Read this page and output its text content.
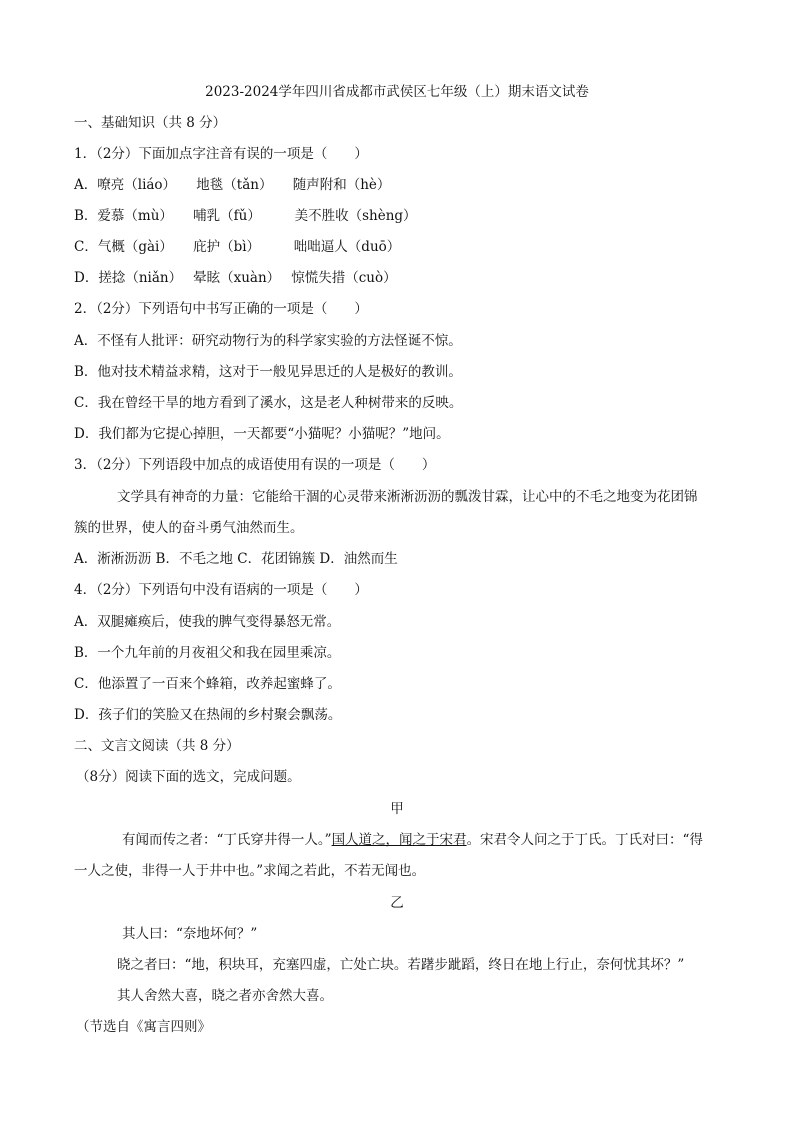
2023-2024学年四川省成都市武侯区七年级（上）期末语文试卷
一、基础知识（共 8 分）
1．（2分）下面加点字注音有误的一项是（　　）
A．嘹亮（liáo）　　地毯（tǎn）　　随声附和（hè）
B．爱慕（mù）　　哺乳（fǔ）　　　美不胜收（shèng）
C．气概（gài）　　庇护（bì）　　　咄咄逼人（duō）
D．搓捻（niǎn）　 晕眩（xuàn）　 惊慌失措（cuò）
2．（2分）下列语句中书写正确的一项是（　　）
A．不怪有人批评：研究动物行为的科学家实验的方法怪诞不惊。
B．他对技术精益求精，这对于一般见异思迁的人是极好的教训。
C．我在曾经干旱的地方看到了溪水，这是老人种树带来的反映。
D．我们都为它提心掉胆，一天都要“小猫呢？小猫呢？”地问。
3．（2分）下列语段中加点的成语使用有误的一项是（　　）
文学具有神奇的力量：它能给干涸的心灵带来淅淅沥沥的瓢泼甘霖，让心中的不毛之地变为花团锦
簇的世界，使人的奋斗勇气油然而生。
A．淅淅沥沥 B．不毛之地 C．花团锦簇 D．油然而生
4．（2分）下列语句中没有语病的一项是（　　）
A．双腿瘫痪后，使我的脾气变得暴怒无常。
B．一个九年前的月夜祖父和我在园里乘凉。
C．他添置了一百来个蜂箱，改养起蜜蜂了。
D．孩子们的笑脸又在热闹的乡村聚会飘荡。
二、文言文阅读（共 8 分）
（8分）阅读下面的选文，完成问题。
甲
有闻而传之者：“丁氏穿井得一人。”国人道之，闻之于宋君。宋君令人问之于丁氏。丁氏对曰：“得
一人之使，非得一人于井中也。”求闻之若此，不若无闻也。
乙
其人曰：“奈地坏何？”
晓之者曰：“地，积块耳，充塞四虚，亡处亡块。若躇步跐蹈，终日在地上行止，奈何忧其坏？”
其人舍然大喜，晓之者亦舍然大喜。
（节选自《寓言四则》
